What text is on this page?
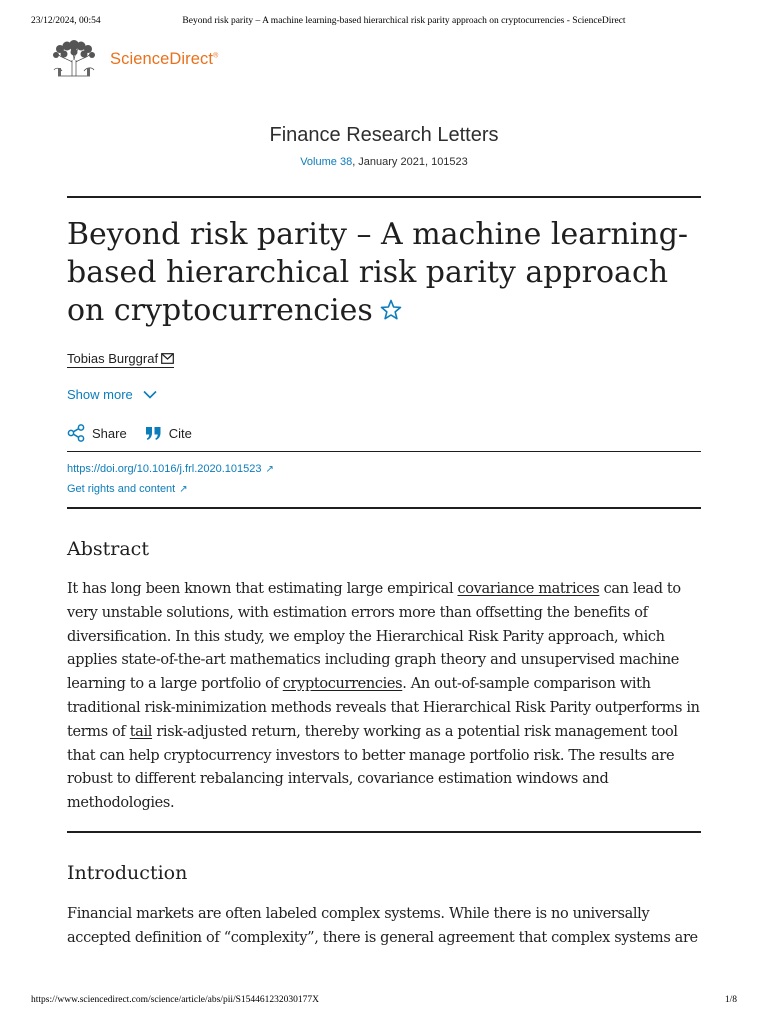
23/12/2024, 00:54	Beyond risk parity – A machine learning-based hierarchical risk parity approach on cryptocurrencies - ScienceDirect
ScienceDirect®
Finance Research Letters
Volume 38, January 2021, 101523
Beyond risk parity – A machine learning-based hierarchical risk parity approach on cryptocurrencies
Tobias Burggraf
Show more
Share	Cite
https://doi.org/10.1016/j.frl.2020.101523 ↗
Get rights and content ↗
Abstract
It has long been known that estimating large empirical covariance matrices can lead to very unstable solutions, with estimation errors more than offsetting the benefits of diversification. In this study, we employ the Hierarchical Risk Parity approach, which applies state-of-the-art mathematics including graph theory and unsupervised machine learning to a large portfolio of cryptocurrencies. An out-of-sample comparison with traditional risk-minimization methods reveals that Hierarchical Risk Parity outperforms in terms of tail risk-adjusted return, thereby working as a potential risk management tool that can help cryptocurrency investors to better manage portfolio risk. The results are robust to different rebalancing intervals, covariance estimation windows and methodologies.
Introduction
Financial markets are often labeled complex systems. While there is no universally accepted definition of “complexity”, there is general agreement that complex systems are
https://www.sciencedirect.com/science/article/abs/pii/S154461232030177X	1/8
